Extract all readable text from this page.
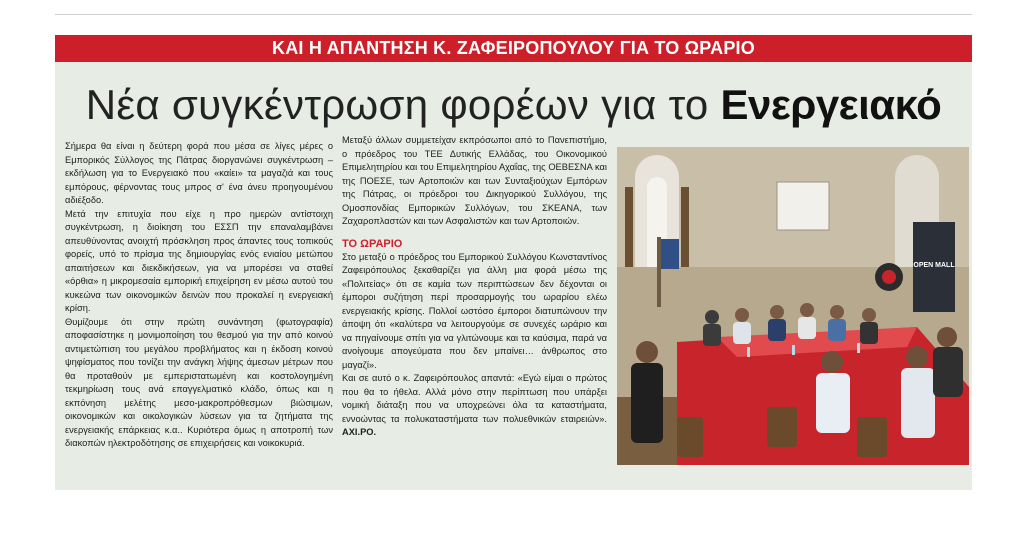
ΚΑΙ Η ΑΠΑΝΤΗΣΗ Κ. ΖΑΦΕΙΡΟΠΟΥΛΟΥ ΓΙΑ ΤΟ ΩΡΑΡΙΟ
Νέα συγκέντρωση φορέων για το Ενεργειακό

Σήμερα θα είναι η δεύτερη φορά που μέσα σε λίγες μέρες ο Εμπορικός Σύλλογος της Πάτρας διοργανώνει συγκέντρωση – εκδήλωση για το Ενεργειακό που «καίει» τα μαγαζιά και τους εμπόρους, φέρνοντας τους μπρος σ' ένα άνευ προηγουμένου αδιέξοδο.

Μετά την επιτυχία που είχε η προ ημερών αντίστοιχη συγκέντρωση, η διοίκηση του ΕΣΣΠ την επαναλαμβάνει απευθύνοντας ανοιχτή πρόσκληση προς άπαντες τους τοπικούς φορείς, υπό το πρίσμα της δημιουργίας ενός ενιαίου μετώπου απαιτήσεων και διεκδικήσεων, για να μπορέσει να σταθεί «όρθια» η μικρομεσαία εμπορική επιχείρηση εν μέσω αυτού του κυκεώνα των οικονομικών δεινών που προκαλεί η ενεργειακή κρίση.

Θυμίζουμε ότι στην πρώτη συνάντηση (φωτογραφία) αποφασίστηκε η μονιμοποίηση του θεσμού για την από κοινού αντιμετώπιση του μεγάλου προβλήματος και η έκδοση κοινού ψηφίσματος που τονίζει την ανάγκη λήψης άμεσων μέτρων που θα προταθούν με εμπεριστατωμένη και κοστολογημένη τεκμηρίωση τους ανά επαγγελματικό κλάδο, όπως και η εκπόνηση μελέτης μεσο-μακροπρόθεσμων βιώσιμων, οικονομικών και οικολογικών λύσεων για τα ζητήματα της ενεργειακής επάρκειας κ.α.. Κυριότερα όμως η αποτροπή των διακοπών ηλεκτροδότησης σε επιχειρήσεις και νοικοκυριά.

Μεταξύ άλλων συμμετείχαν εκπρόσωποι από το Πανεπιστήμιο, ο πρόεδρος του ΤΕΕ Δυτικής Ελλάδας, του Οικονομικού Επιμελητηρίου και του Επιμελητηρίου Αχαΐας, της ΟΕΒΕΣΝΑ και της ΠΟΕΣΕ, των Αρτοποιών και των Συνταξιούχων Εμπόρων της Πάτρας, οι πρόεδροι του Δικηγορικού Συλλόγου, της Ομοσπονδίας Εμπορικών Συλλόγων, του ΣΚΕΑΝΑ, των Ζαχαροπλαστών και των Ασφαλιστών και των Αρτοποιών.

ΤΟ ΩΡΑΡΙΟ

Στο μεταξύ ο πρόεδρος του Εμπορικού Συλλόγου Κωνσταντίνος Ζαφειρόπουλος ξεκαθαρίζει για άλλη μια φορά μέσω της «Πολιτείας» ότι σε καμία των περιπτώσεων δεν δέχονται οι έμποροι συζήτηση περί προσαρμογής του ωραρίου ελέω ενεργειακής κρίσης. Πολλοί ωστόσο έμποροι διατυπώνουν την άποψη ότι «καλύτερα να λειτουργούμε σε συνεχές ωράριο και να πηγαίνουμε σπίτι για να γλιτώνουμε και τα καύσιμα, παρά να ανοίγουμε απογεύματα που δεν μπαίνει… άνθρωπος στο μαγαζί».

Και σε αυτό ο κ. Ζαφειρόπουλος απαντά: «Εγώ είμαι ο πρώτος που θα το ήθελα. Αλλά μόνο στην περίπτωση που υπάρξει νομική διάταξη που να υποχρεώνει όλα τα καταστήματα, εννοώντας τα πολυκαταστήματα των πολυεθνικών εταιρειών». ΑΧΙ.ΡΟ.

OPEN MALL
